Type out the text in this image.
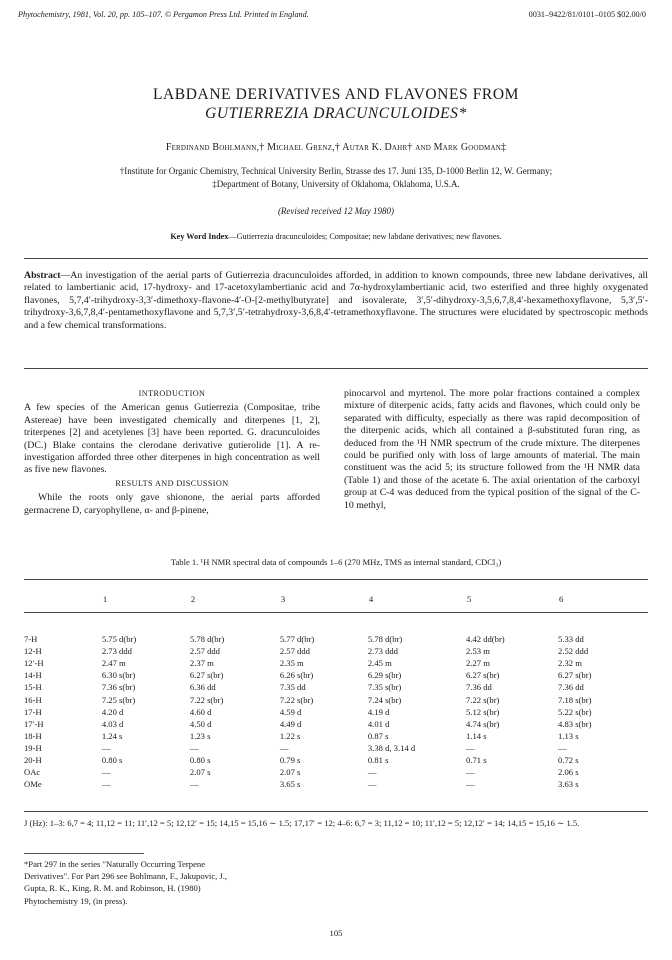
Phytochemistry, 1981, Vol. 20, pp. 105–107. © Pergamon Press Ltd. Printed in England.	0031–9422/81/0101–0105 $02.00/0
LABDANE DERIVATIVES AND FLAVONES FROM
GUTIERREZIA DRACUNCULOIDES*
Ferdinand Bohlmann,† Michael Grenz,† Autar K. Dahr† and Mark Goodman‡
†Institute for Organic Chemistry, Technical University Berlin, Strasse des 17. Juni 135, D-1000 Berlin 12, W. Germany;
‡Department of Botany, University of Oklahoma, Oklahoma, U.S.A.
(Revised received 12 May 1980)
Key Word Index—Gutierrezia dracunculoides; Compositae; new labdane derivatives; new flavones.

Abstract—An investigation of the aerial parts of Gutierrezia dracunculoides afforded, in addition to known compounds, three new labdane derivatives, all related to lambertianic acid, 17-hydroxy- and 17-acetoxylambertianic acid and 7α-hydroxylambertianic acid, two esterified and three highly oxygenated flavones, 5,7,4′-trihydroxy-3,3′-dimethoxy-flavone-4′-O-[2-methylbutyrate] and isovalerate, 3′,5′-dihydroxy-3,5,6,7,8,4′-hexamethoxyflavone, 5,3′,5′-trihydroxy-3,6,7,8,4′-pentamethoxyflavone and 5,7,3′,5′-tetrahydroxy-3,6,8,4′-tetramethoxyflavone. The structures were elucidated by spectroscopic methods and a few chemical transformations.

INTRODUCTION

A few species of the American genus Gutierrezia (Compositae, tribe Astereae) have been investigated chemically and diterpenes [1, 2], triterpenes [2] and acetylenes [3] have been reported. G. dracunculoides (DC.) Blake contains the clerodane derivative gutierolide [1]. A re-investigation afforded three other diterpenes in high concentration as well as five new flavones.

RESULTS AND DISCUSSION

While the roots only gave shionone, the aerial parts afforded germacrene D, caryophyllene, α- and β-pinene,

pinocarvol and myrtenol. The more polar fractions contained a complex mixture of diterpenic acids, fatty acids and flavones, which could only be separated with difficulty, especially as there was rapid decomposition of the diterpenic acids, which all contained a β-substituted furan ring, as deduced from the ¹H NMR spectrum of the crude mixture. The diterpenes could be purified only with loss of large amounts of material. The main constituent was the acid 5; its structure followed from the ¹H NMR data (Table 1) and those of the acetate 6. The axial orientation of the carboxyl group at C-4 was deduced from the typical position of the signal of the C-10 methyl,

Table 1. ¹H NMR spectral data of compounds 1–6 (270 MHz, TMS as internal standard, CDCl₃)
	1	2	3	4	5	6
7-H	5.75 d(br)	5.78 d(br)	5.77 d(br)	5.78 d(br)	4.42 dd(br)	5.33 dd
12-H	2.73 ddd	2.57 ddd	2.57 ddd	2.73 ddd	2.53 m	2.52 ddd
12′-H	2.47 m	2.37 m	2.35 m	2.45 m	2.27 m	2.32 m
14-H	6.30 s(br)	6.27 s(br)	6.26 s(br)	6.29 s(br)	6.27 s(br)	6.27 s(br)
15-H	7.36 s(br)	6.36 dd	7.35 dd	7.35 s(br)	7.36 dd	7.36 dd
16-H	7.25 s(br)	7.22 s(br)	7.22 s(br)	7.24 s(br)	7.22 s(br)	7.18 s(br)
17-H	4.20 d	4.60 d	4.59 d	4.19 d	5.12 s(br)	5.22 s(br)
17′-H	4.03 d	4.50 d	4.49 d	4.01 d	4.74 s(br)	4.83 s(br)
18-H	1.24 s	1.23 s	1.22 s	0.87 s	1.14 s	1.13 s
19-H	—	—	—	3.38 d, 3.14 d	—	—
20-H	0.80 s	0.80 s	0.79 s	0.81 s	0.71 s	0.72 s
OAc	—	2.07 s	2.07 s	—	—	2.06 s
OMe	—	—	3.65 s	—	—	3.63 s
J (Hz): 1–3: 6,7 = 4; 11,12 = 11; 11′,12 = 5; 12,12′ = 15; 14,15 = 15,16 ∼ 1.5; 17,17′ = 12; 4–6: 6,7 = 3; 11,12 = 10; 11′,12 = 5; 12,12′ = 14; 14,15 = 15,16 ∼ 1.5.
*Part 297 in the series "Naturally Occurring Terpene Derivatives". For Part 296 see Bohlmann, F., Jakupovic, J., Gupta, R. K., King, R. M. and Robinson, H. (1980) Phytochemistry 19, (in press).
105
